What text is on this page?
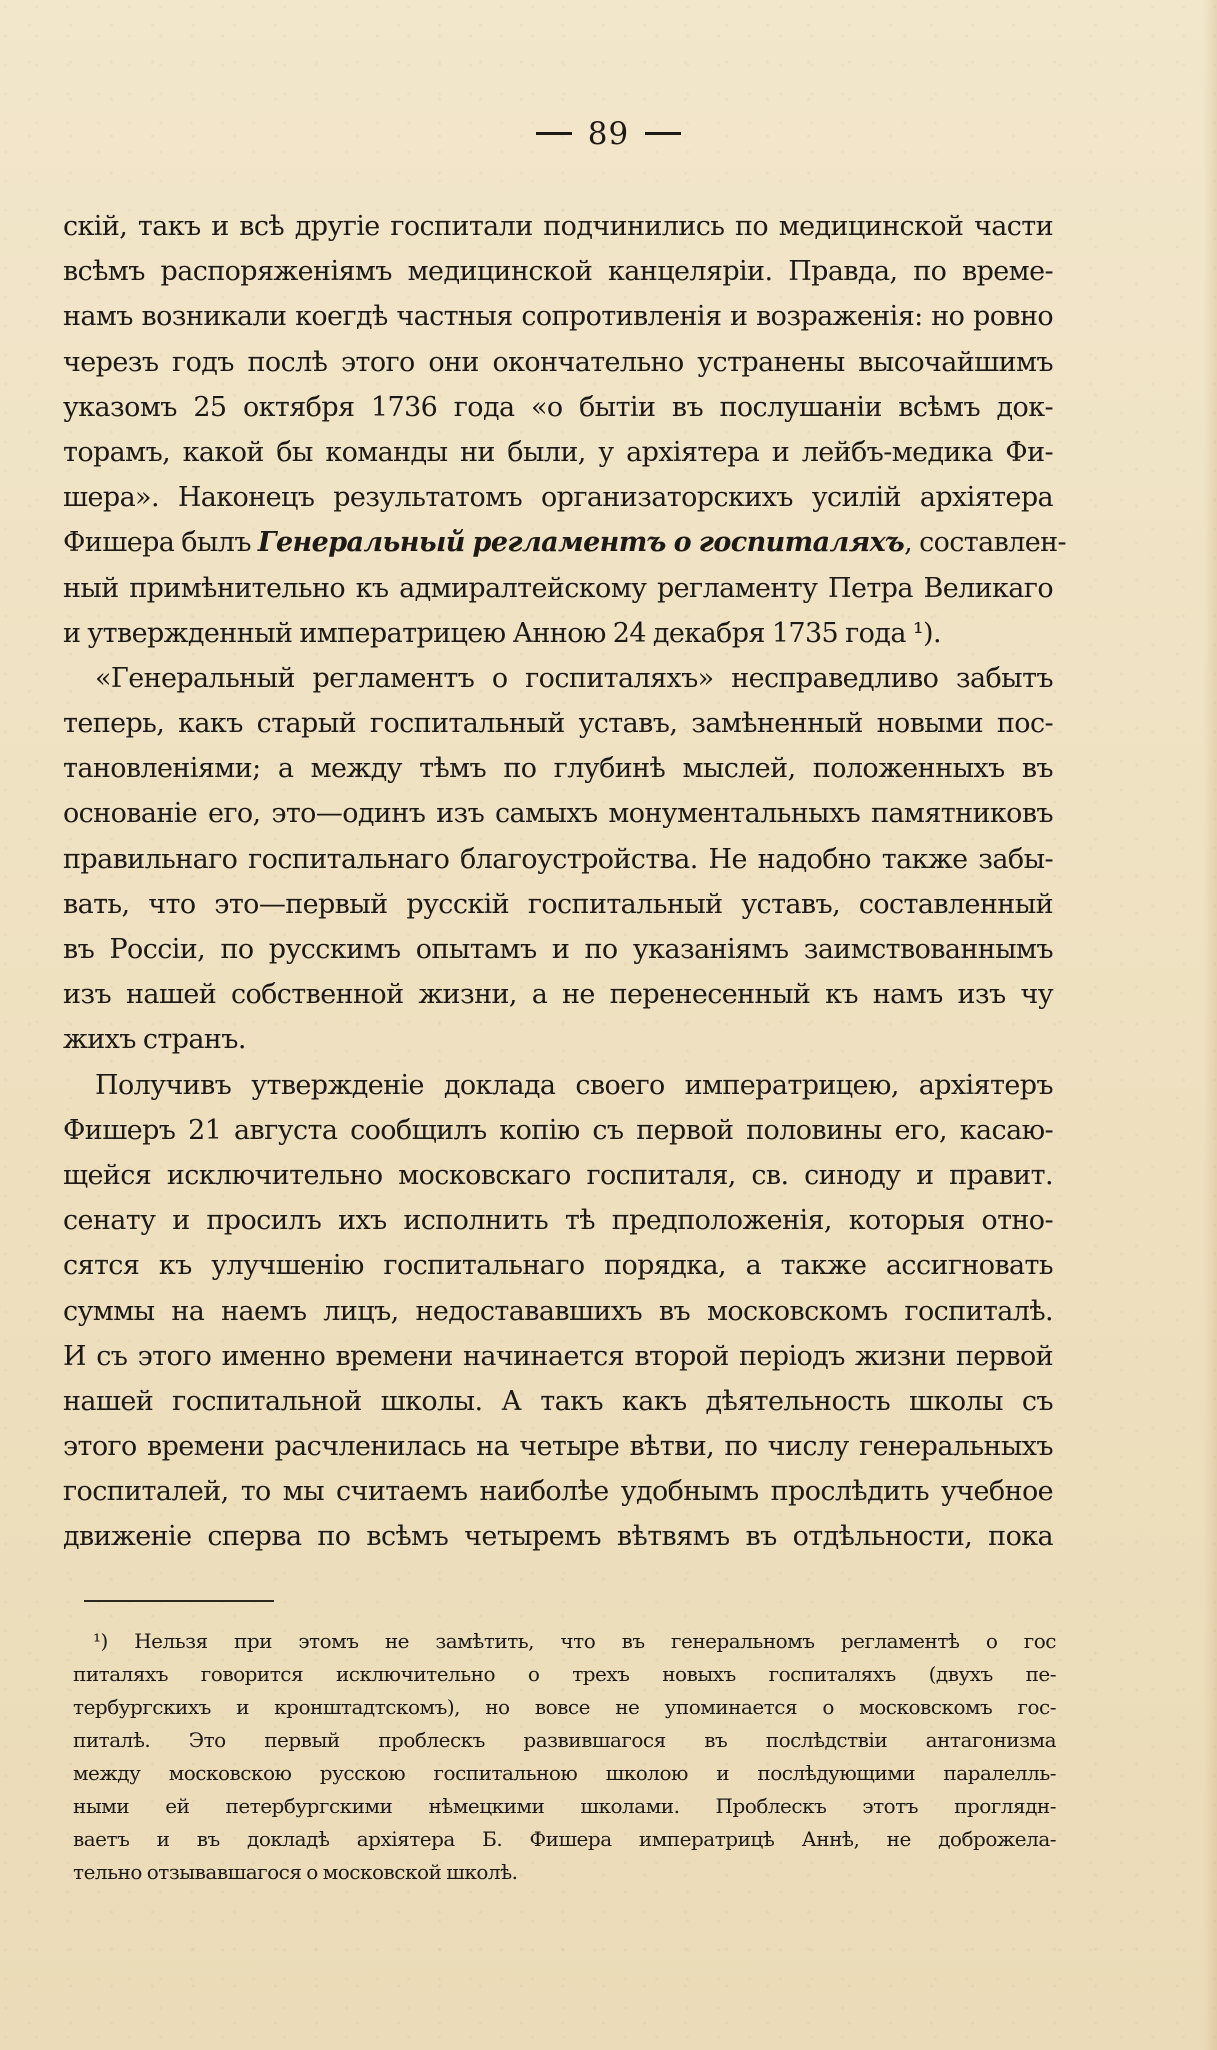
89
скій, такъ и всѣ другіе госпитали подчинились по медицинской части
всѣмъ распоряженіямъ медицинской канцеляріи. Правда, по време-
намъ возникали коегдѣ частныя сопротивленія и возраженія: но ровно
черезъ годъ послѣ этого они окончательно устранены высочайшимъ
указомъ 25 октября 1736 года «о бытіи въ послушаніи всѣмъ док-
торамъ, какой бы команды ни были, у архіятера и лейбъ-медика Фи-
шера». Наконецъ результатомъ организаторскихъ усилій архіятера
Фишера былъ Генеральный регламентъ о госпиталяхъ, составлен-
ный примѣнительно къ адмиралтейскому регламенту Петра Великаго
и утвержденный императрицею Анною 24 декабря 1735 года ¹).
«Генеральный регламентъ о госпиталяхъ» несправедливо забытъ
теперь, какъ старый госпитальный уставъ, замѣненный новыми пос-
тановленіями; а между тѣмъ по глубинѣ мыслей, положенныхъ въ
основаніе его, это—одинъ изъ самыхъ монументальныхъ памятниковъ
правильнаго госпитальнаго благоустройства. Не надобно также забы-
вать, что это—первый русскій госпитальный уставъ, составленный
въ Россіи, по русскимъ опытамъ и по указаніямъ заимствованнымъ
изъ нашей собственной жизни, а не перенесенный къ намъ изъ чу
жихъ странъ.
Получивъ утвержденіе доклада своего императрицею, архіятеръ
Фишеръ 21 августа сообщилъ копію съ первой половины его, касаю-
щейся исключительно московскаго госпиталя, св. синоду и правит.
сенату и просилъ ихъ исполнить тѣ предположенія, которыя отно-
сятся къ улучшенію госпитальнаго порядка, а также ассигновать
суммы на наемъ лицъ, недостававшихъ въ московскомъ госпиталѣ.
И съ этого именно времени начинается второй періодъ жизни первой
нашей госпитальной школы. А такъ какъ дѣятельность школы съ
этого времени расчленилась на четыре вѣтви, по числу генеральныхъ
госпиталей, то мы считаемъ наиболѣе удобнымъ прослѣдить учебное
движеніе сперва по всѣмъ четыремъ вѣтвямъ въ отдѣльности, пока
¹) Нельзя при этомъ не замѣтить, что въ генеральномъ регламентѣ о гос
питаляхъ говорится исключительно о трехъ новыхъ госпиталяхъ (двухъ пе-
тербургскихъ и кронштадтскомъ), но вовсе не упоминается о московскомъ гос-
питалѣ. Это первый проблескъ развившагося въ послѣдствіи антагонизма
между московскою русскою госпитальною школою и послѣдующими паралелль-
ными ей петербургскими нѣмецкими школами. Проблескъ этотъ проглядн-
ваетъ и въ докладѣ архіятера Б. Фишера императрицѣ Аннѣ, не доброжела-
тельно отзывавшагося о московской школѣ.
